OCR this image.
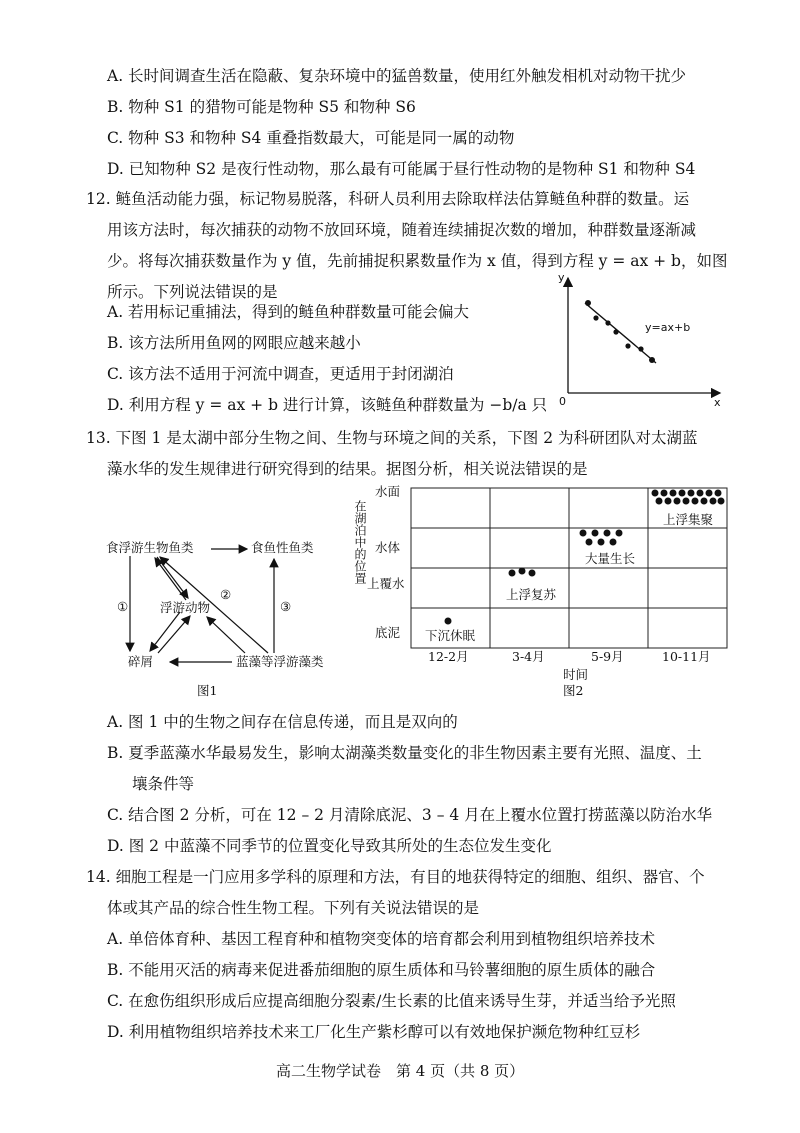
A. 长时间调查生活在隐蔽、复杂环境中的猛兽数量，使用红外触发相机对动物干扰少
B. 物种 S1 的猎物可能是物种 S5 和物种 S6
C. 物种 S3 和物种 S4 重叠指数最大，可能是同一属的动物
D. 已知物种 S2 是夜行性动物，那么最有可能属于昼行性动物的是物种 S1 和物种 S4
12. 鲢鱼活动能力强，标记物易脱落，科研人员利用去除取样法估算鲢鱼种群的数量。运
用该方法时，每次捕获的动物不放回环境，随着连续捕捉次数的增加，种群数量逐渐减
少。将每次捕获数量作为 y 值，先前捕捉积累数量作为 x 值，得到方程 y = ax + b，如图
所示。下列说法错误的是
A. 若用标记重捕法，得到的鲢鱼种群数量可能会偏大
B. 该方法所用鱼网的网眼应越来越小
C. 该方法不适用于河流中调查，更适用于封闭湖泊
D. 利用方程 y = ax + b 进行计算，该鲢鱼种群数量为 −b∕a 只
y
x
0
y=ax+b
13. 下图 1 是太湖中部分生物之间、生物与环境之间的关系，下图 2 为科研团队对太湖蓝
藻水华的发生规律进行研究得到的结果。据图分析，相关说法错误的是
食浮游生物鱼类	食鱼性鱼类
浮游动物
碎屑	蓝藻等浮游藻类
①
②
③
图1
在湖泊中的位置
水面
水体
上覆水
底泥
12-2月	3-4月	5-9月	10-11月
时间
下沉休眠
上浮复苏
大量生长
上浮集聚
图2
A. 图 1 中的生物之间存在信息传递，而且是双向的
B. 夏季蓝藻水华最易发生，影响太湖藻类数量变化的非生物因素主要有光照、温度、土
壤条件等
C. 结合图 2 分析，可在 12 – 2 月清除底泥、3 – 4 月在上覆水位置打捞蓝藻以防治水华
D. 图 2 中蓝藻不同季节的位置变化导致其所处的生态位发生变化
14. 细胞工程是一门应用多学科的原理和方法，有目的地获得特定的细胞、组织、器官、个
体或其产品的综合性生物工程。下列有关说法错误的是
A. 单倍体育种、基因工程育种和植物突变体的培育都会利用到植物组织培养技术
B. 不能用灭活的病毒来促进番茄细胞的原生质体和马铃薯细胞的原生质体的融合
C. 在愈伤组织形成后应提高细胞分裂素∕生长素的比值来诱导生芽，并适当给予光照
D. 利用植物组织培养技术来工厂化生产紫杉醇可以有效地保护濒危物种红豆杉
高二生物学试卷　第 4 页（共 8 页）
